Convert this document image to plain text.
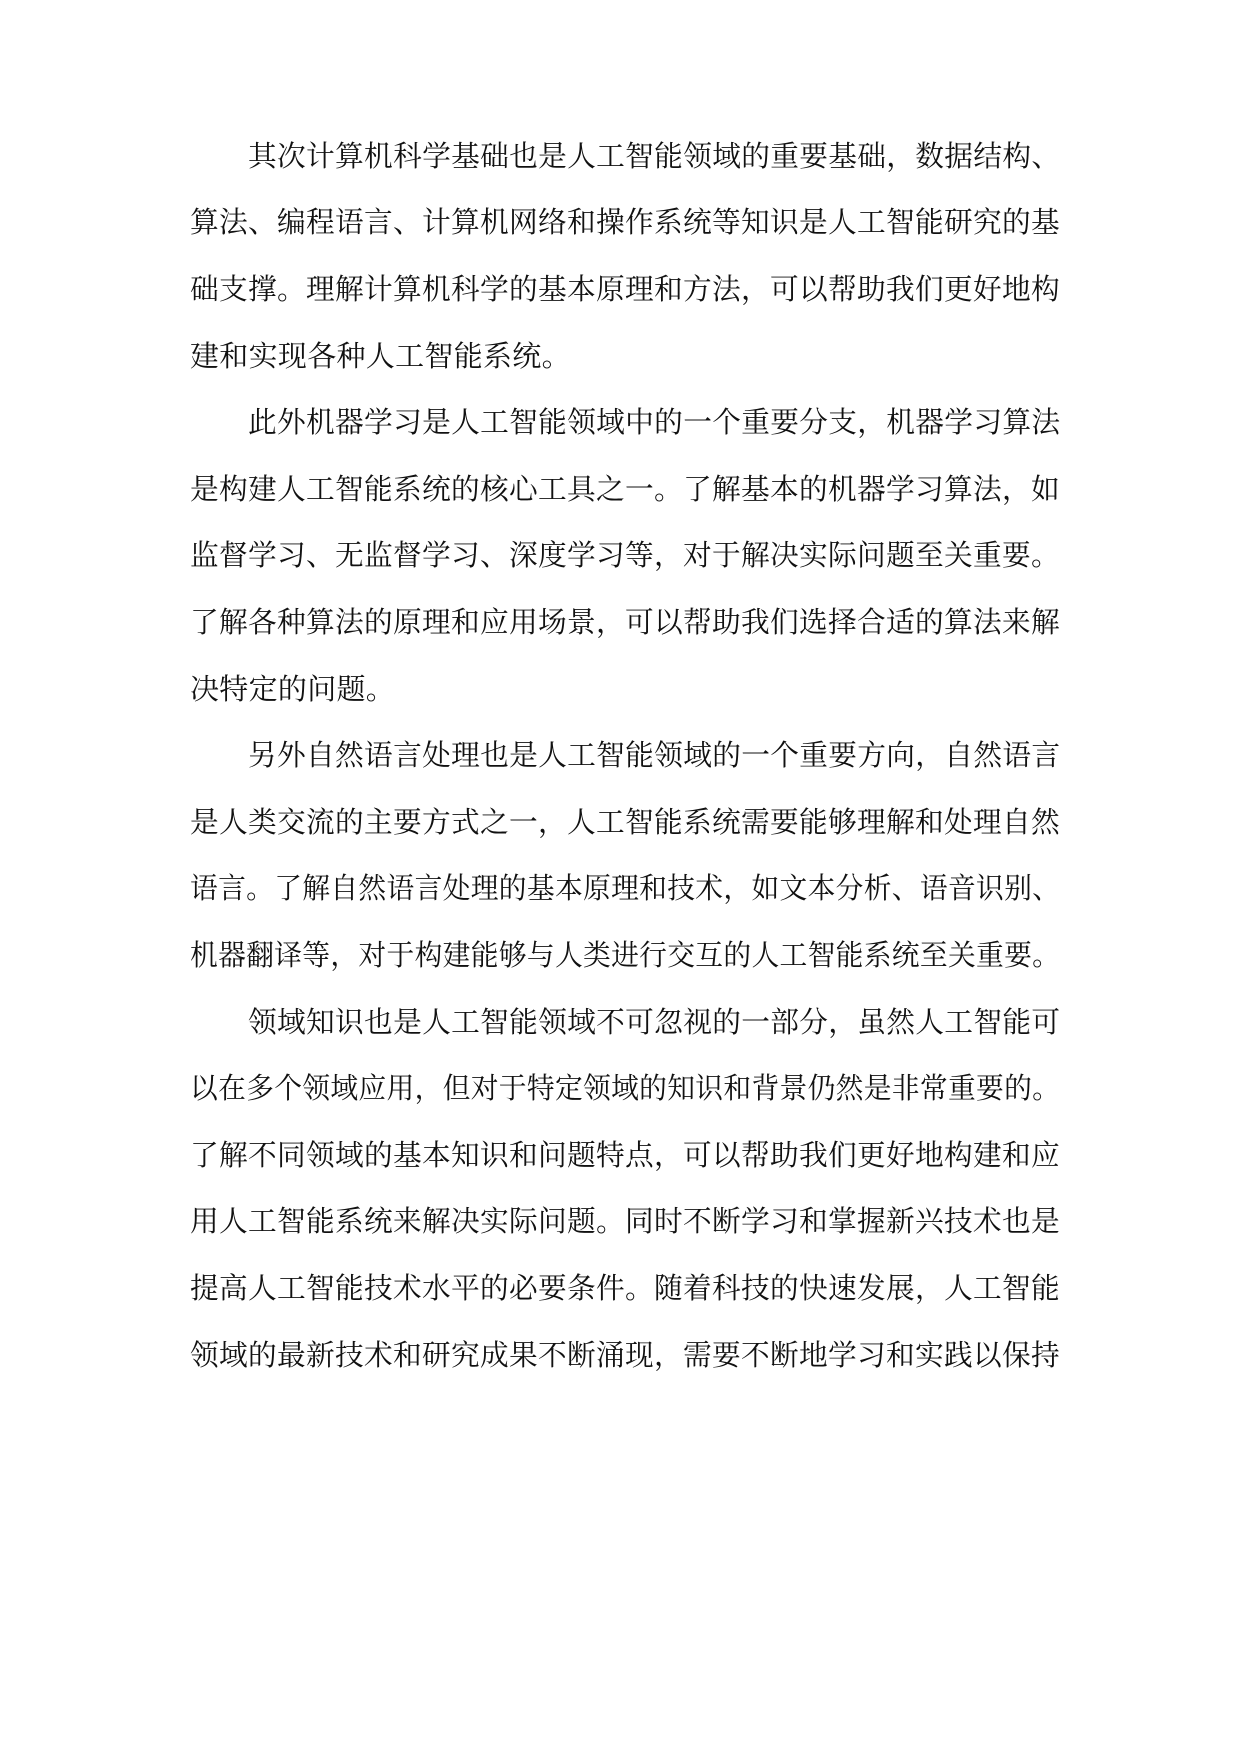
其次计算机科学基础也是人工智能领域的重要基础，数据结构、
算法、编程语言、计算机网络和操作系统等知识是人工智能研究的基
础支撑。理解计算机科学的基本原理和方法，可以帮助我们更好地构
建和实现各种人工智能系统。
此外机器学习是人工智能领域中的一个重要分支，机器学习算法
是构建人工智能系统的核心工具之一。了解基本的机器学习算法，如
监督学习、无监督学习、深度学习等，对于解决实际问题至关重要。
了解各种算法的原理和应用场景，可以帮助我们选择合适的算法来解
决特定的问题。
另外自然语言处理也是人工智能领域的一个重要方向，自然语言
是人类交流的主要方式之一，人工智能系统需要能够理解和处理自然
语言。了解自然语言处理的基本原理和技术，如文本分析、语音识别、
机器翻译等，对于构建能够与人类进行交互的人工智能系统至关重要。
领域知识也是人工智能领域不可忽视的一部分，虽然人工智能可
以在多个领域应用，但对于特定领域的知识和背景仍然是非常重要的。
了解不同领域的基本知识和问题特点，可以帮助我们更好地构建和应
用人工智能系统来解决实际问题。同时不断学习和掌握新兴技术也是
提高人工智能技术水平的必要条件。随着科技的快速发展，人工智能
领域的最新技术和研究成果不断涌现，需要不断地学习和实践以保持
